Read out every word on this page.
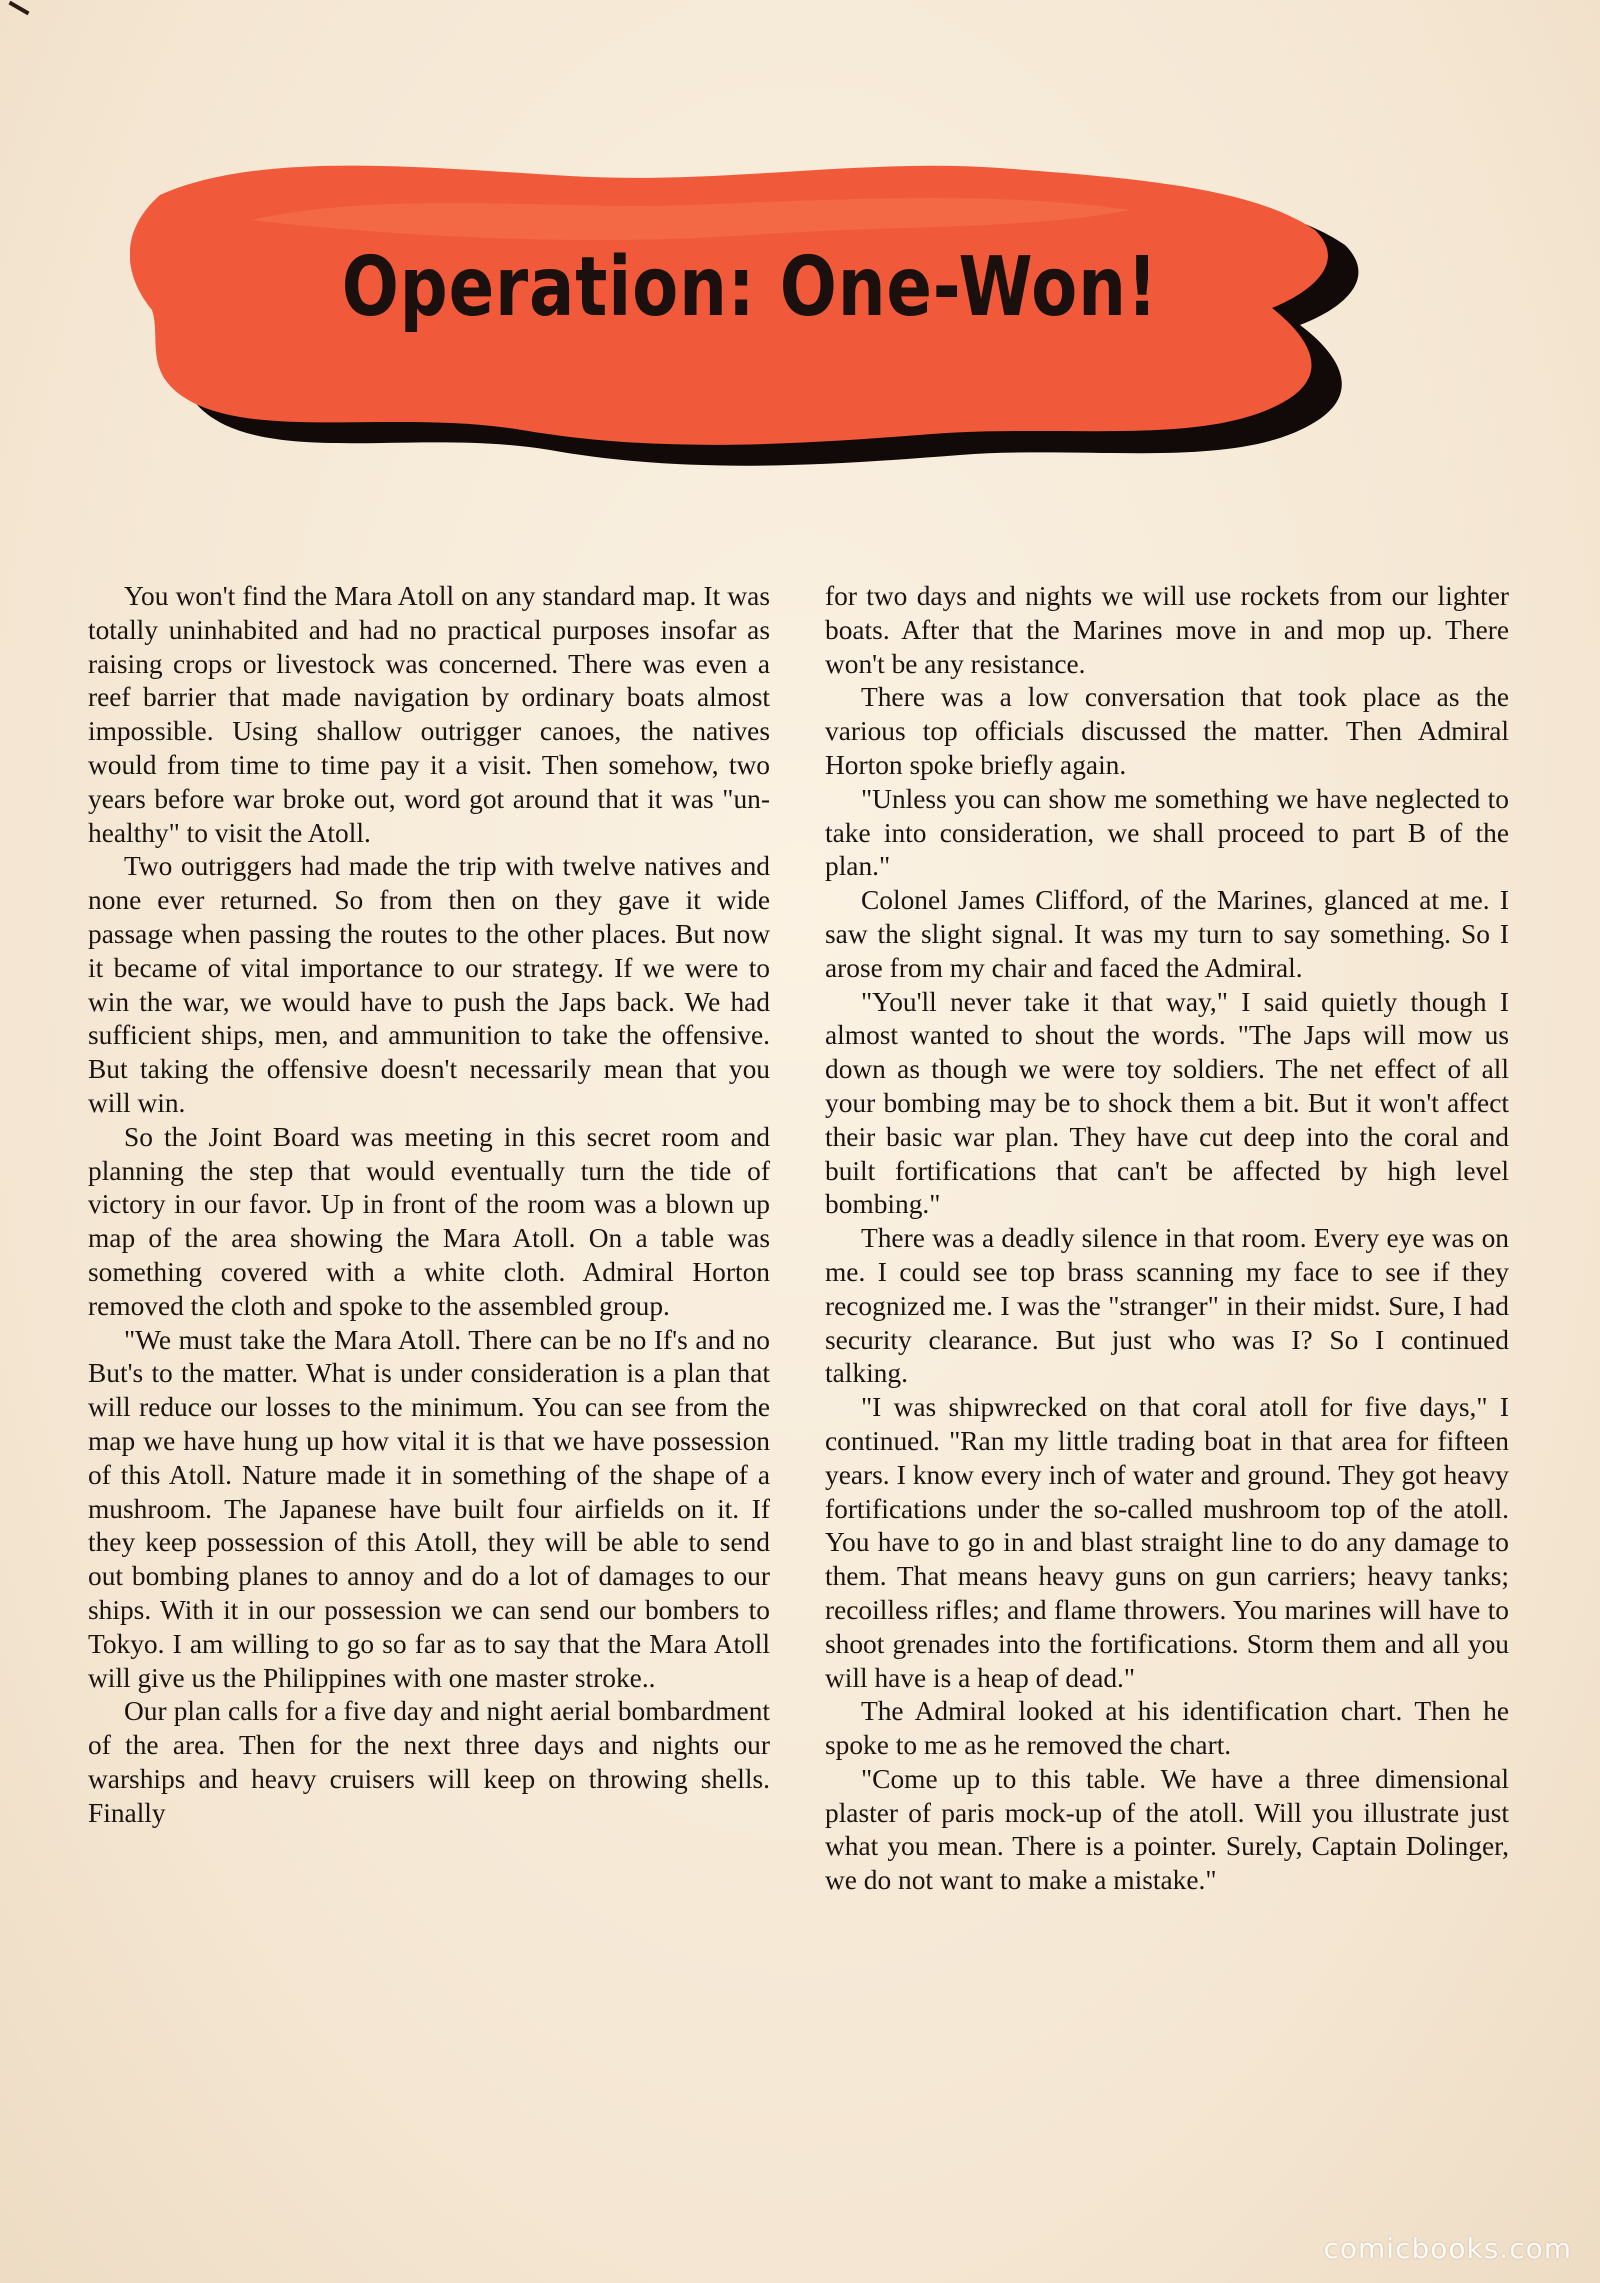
Operation: One-Won!

You won't find the Mara Atoll on any standard map. It was totally uninhabited and had no practical purposes insofar as raising crops or livestock was concerned. There was even a reef barrier that made navigation by ordinary boats almost impossible. Using shallow outrigger canoes, the natives would from time to time pay it a visit. Then somehow, two years before war broke out, word got around that it was "unhealthy" to visit the Atoll.

Two outriggers had made the trip with twelve natives and none ever returned. So from then on they gave it wide passage when passing the routes to the other places. But now it became of vital importance to our strategy. If we were to win the war, we would have to push the Japs back. We had sufficient ships, men, and ammunition to take the offensive. But taking the offensive doesn't necessarily mean that you will win.

So the Joint Board was meeting in this secret room and planning the step that would eventually turn the tide of victory in our favor. Up in front of the room was a blown up map of the area showing the Mara Atoll. On a table was something covered with a white cloth. Admiral Horton removed the cloth and spoke to the assembled group.

"We must take the Mara Atoll. There can be no If's and no But's to the matter. What is under consideration is a plan that will reduce our losses to the minimum. You can see from the map we have hung up how vital it is that we have possession of this Atoll. Nature made it in something of the shape of a mushroom. The Japanese have built four airfields on it. If they keep possession of this Atoll, they will be able to send out bombing planes to annoy and do a lot of damages to our ships. With it in our possession we can send our bombers to Tokyo. I am willing to go so far as to say that the Mara Atoll will give us the Philippines with one master stroke..

Our plan calls for a five day and night aerial bombardment of the area. Then for the next three days and nights our warships and heavy cruisers will keep on throwing shells. Finally

for two days and nights we will use rockets from our lighter boats. After that the Marines move in and mop up. There won't be any resistance.

There was a low conversation that took place as the various top officials discussed the matter. Then Admiral Horton spoke briefly again.

"Unless you can show me something we have neglected to take into consideration, we shall proceed to part B of the plan."

Colonel James Clifford, of the Marines, glanced at me. I saw the slight signal. It was my turn to say something. So I arose from my chair and faced the Admiral.

"You'll never take it that way," I said quietly though I almost wanted to shout the words. "The Japs will mow us down as though we were toy soldiers. The net effect of all your bombing may be to shock them a bit. But it won't affect their basic war plan. They have cut deep into the coral and built fortifications that can't be affected by high level bombing."

There was a deadly silence in that room. Every eye was on me. I could see top brass scanning my face to see if they recognized me. I was the "stranger" in their midst. Sure, I had security clearance. But just who was I? So I continued talking.

"I was shipwrecked on that coral atoll for five days," I continued. "Ran my little trading boat in that area for fifteen years. I know every inch of water and ground. They got heavy fortifications under the so-called mushroom top of the atoll. You have to go in and blast straight line to do any damage to them. That means heavy guns on gun carriers; heavy tanks; recoilless rifles; and flame throwers. You marines will have to shoot grenades into the fortifications. Storm them and all you will have is a heap of dead."

The Admiral looked at his identification chart. Then he spoke to me as he removed the chart.

"Come up to this table. We have a three dimensional plaster of paris mock-up of the atoll. Will you illustrate just what you mean. There is a pointer. Surely, Captain Dolinger, we do not want to make a mistake."

comicbooks.com
